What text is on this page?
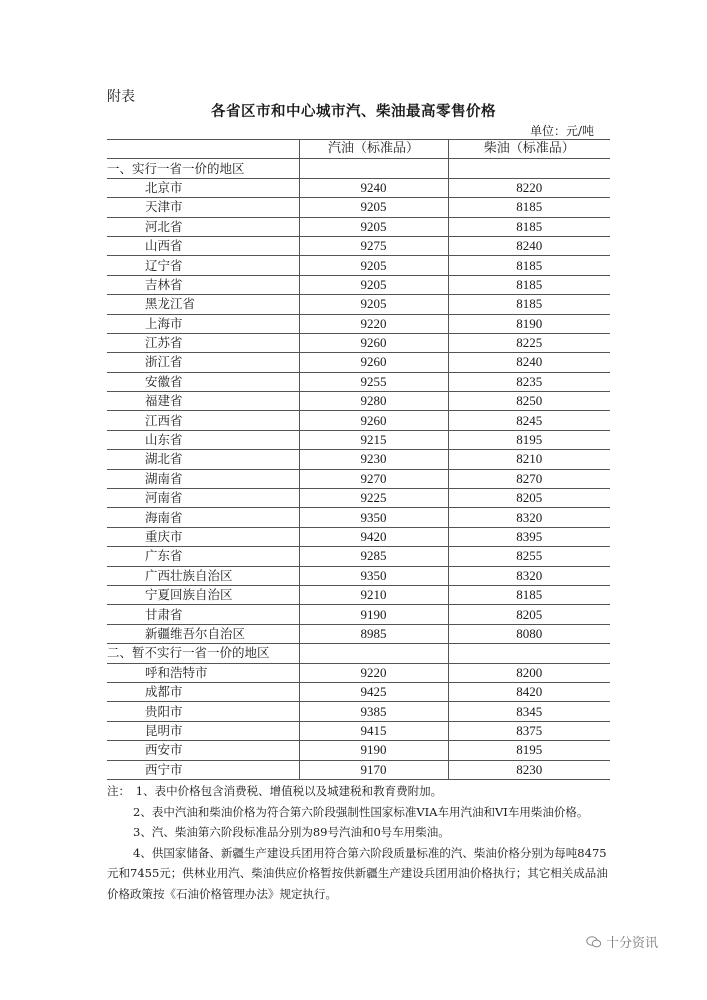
附表
各省区市和中心城市汽、柴油最高零售价格
单位：元/吨
	汽油（标准品）	柴油（标准品）
一、实行一省一价的地区		
北京市	9240	8220
天津市	9205	8185
河北省	9205	8185
山西省	9275	8240
辽宁省	9205	8185
吉林省	9205	8185
黑龙江省	9205	8185
上海市	9220	8190
江苏省	9260	8225
浙江省	9260	8240
安徽省	9255	8235
福建省	9280	8250
江西省	9260	8245
山东省	9215	8195
湖北省	9230	8210
湖南省	9270	8270
河南省	9225	8205
海南省	9350	8320
重庆市	9420	8395
广东省	9285	8255
广西壮族自治区	9350	8320
宁夏回族自治区	9210	8185
甘肃省	9190	8205
新疆维吾尔自治区	8985	8080
二、暂不实行一省一价的地区		
呼和浩特市	9220	8200
成都市	9425	8420
贵阳市	9385	8345
昆明市	9415	8375
西安市	9190	8195
西宁市	9170	8230

注：　1、表中价格包含消费税、增值税以及城建税和教育费附加。

2、表中汽油和柴油价格为符合第六阶段强制性国家标准VIA车用汽油和VI车用柴油价格。

3、汽、柴油第六阶段标准品分别为89号汽油和0号车用柴油。

4、供国家储备、新疆生产建设兵团用符合第六阶段质量标准的汽、柴油价格分别为每吨8475元和7455元；供林业用汽、柴油供应价格暂按供新疆生产建设兵团用油价格执行；其它相关成品油价格政策按《石油价格管理办法》规定执行。

十分资讯
